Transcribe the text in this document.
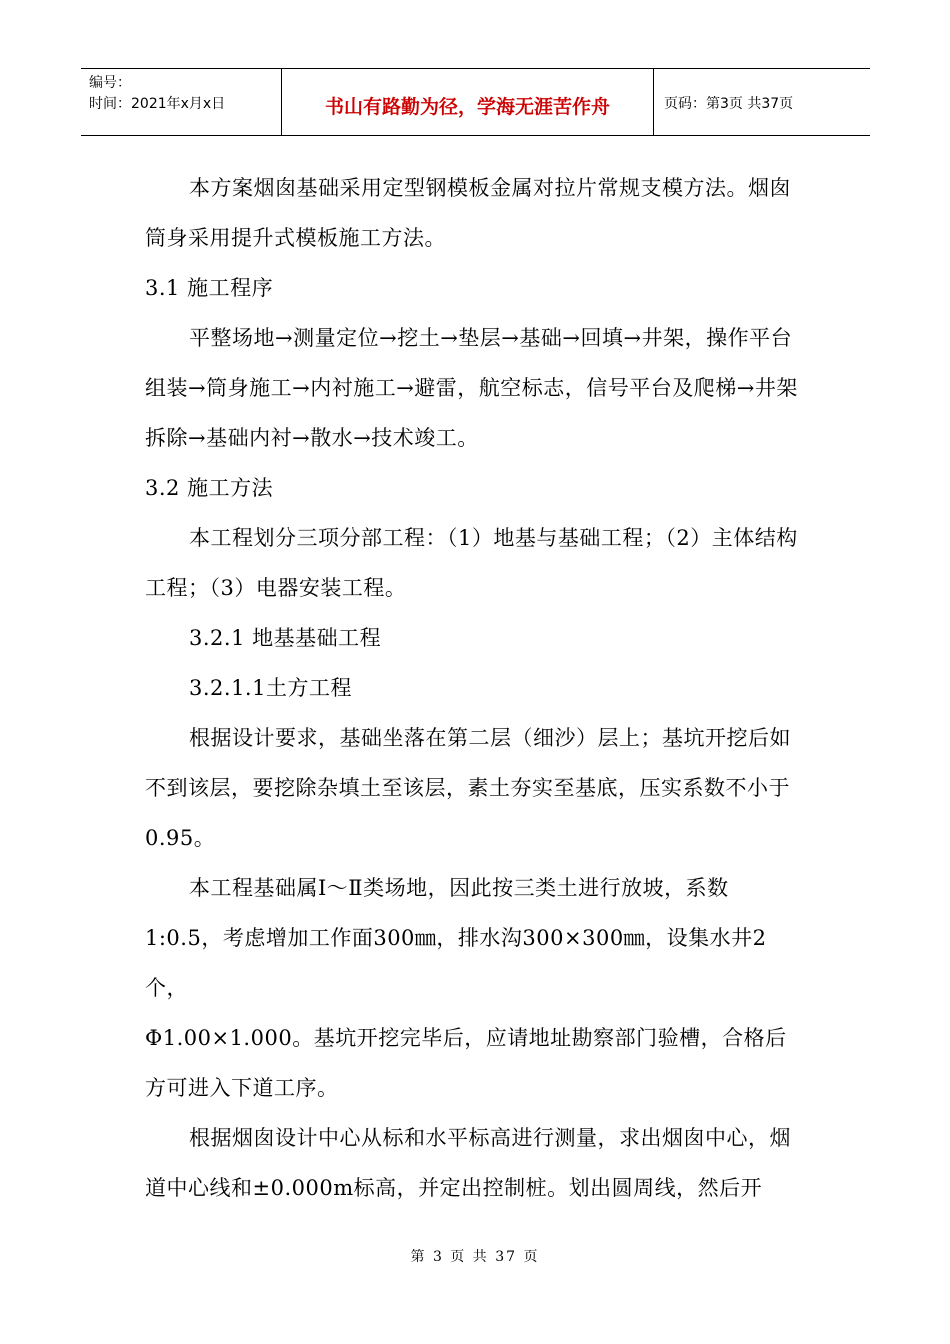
编号：
时间：2021年x月x日	书山有路勤为径，学海无涯苦作舟	页码：第3页 共37页

本方案烟囱基础采用定型钢模板金属对拉片常规支模方法。烟囱筒身采用提升式模板施工方法。

3.1 施工程序

平整场地→测量定位→挖土→垫层→基础→回填→井架，操作平台组装→筒身施工→内衬施工→避雷，航空标志，信号平台及爬梯→井架拆除→基础内衬→散水→技术竣工。

3.2 施工方法

本工程划分三项分部工程：（1）地基与基础工程；（2）主体结构工程；（3）电器安装工程。

3.2.1 地基基础工程

3.2.1.1土方工程

根据设计要求，基础坐落在第二层（细沙）层上；基坑开挖后如不到该层，要挖除杂填土至该层，素土夯实至基底，压实系数不小于0.95。

本工程基础属Ⅰ～Ⅱ类场地，因此按三类土进行放坡，系数1:0.5，考虑增加工作面300㎜，排水沟300×300㎜，设集水井2个，

Φ1.00×1.000。基坑开挖完毕后，应请地址勘察部门验槽，合格后方可进入下道工序。

根据烟囱设计中心从标和水平标高进行测量，求出烟囱中心，烟道中心线和±0.000m标高，并定出控制桩。划出圆周线，然后开

第 3 页 共 37 页
